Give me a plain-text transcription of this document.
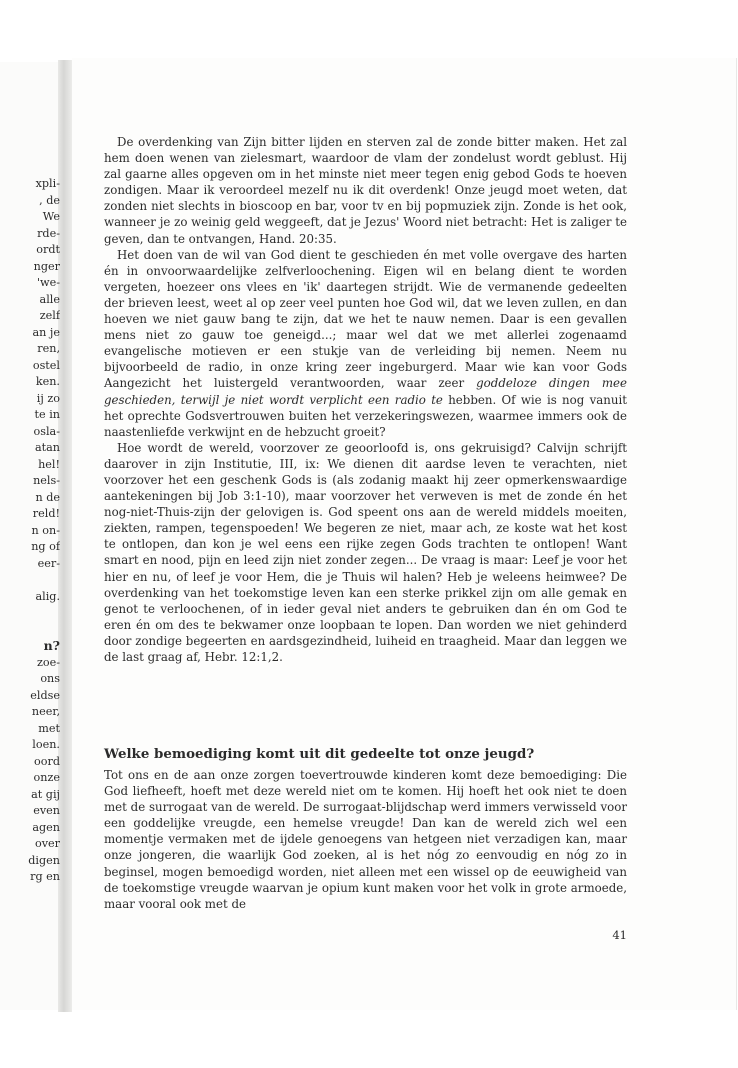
xpli-
, de
We
rde-
ordt
nger
'we-
alle
zelf
an je
ren,
ostel
ken.
ij zo
te in
osla-
atan
hel!
nels-
n de
reld!
n on-
ng of
eer-
alig.
n?
zoe-
ons
eldse
neer,
met
loen.
oord
onze
at gij
even
agen
over
digen
rg en

De overdenking van Zijn bitter lijden en sterven zal de zonde bitter maken. Het zal hem doen wenen van zielesmart, waardoor de vlam der zondelust wordt geblust. Hij zal gaarne alles opgeven om in het minste niet meer tegen enig gebod Gods te hoeven zondigen. Maar ik veroordeel mezelf nu ik dit overdenk! Onze jeugd moet weten, dat zonden niet slechts in bioscoop en bar, voor tv en bij popmuziek zijn. Zonde is het ook, wanneer je zo weinig geld weggeeft, dat je Jezus' Woord niet betracht: Het is zaliger te geven, dan te ontvangen, Hand. 20:35.

Het doen van de wil van God dient te geschieden én met volle overgave des harten én in onvoorwaardelijke zelfverloochening. Eigen wil en belang dient te worden vergeten, hoezeer ons vlees en 'ik' daartegen strijdt. Wie de vermanende gedeelten der brieven leest, weet al op zeer veel punten hoe God wil, dat we leven zullen, en dan hoeven we niet gauw bang te zijn, dat we het te nauw nemen. Daar is een gevallen mens niet zo gauw toe geneigd...; maar wel dat we met allerlei zogenaamd evangelische motieven er een stukje van de verleiding bij nemen. Neem nu bijvoorbeeld de radio, in onze kring zeer ingeburgerd. Maar wie kan voor Gods Aangezicht het luistergeld verantwoorden, waar zeer goddeloze dingen mee geschieden, terwijl je niet wordt verplicht een radio te hebben. Of wie is nog vanuit het oprechte Godsvertrouwen buiten het verzekeringswezen, waarmee immers ook de naastenliefde verkwijnt en de hebzucht groeit?

Hoe wordt de wereld, voorzover ze geoorloofd is, ons gekruisigd? Calvijn schrijft daarover in zijn Institutie, III, ix: We dienen dit aardse leven te verachten, niet voorzover het een geschenk Gods is (als zodanig maakt hij zeer opmerkenswaardige aantekeningen bij Job 3:1-10), maar voorzover het verweven is met de zonde én het nog-niet-Thuis-zijn der gelovigen is. God speent ons aan de wereld middels moeiten, ziekten, rampen, tegenspoeden! We begeren ze niet, maar ach, ze koste wat het kost te ontlopen, dan kon je wel eens een rijke zegen Gods trachten te ontlopen! Want smart en nood, pijn en leed zijn niet zonder zegen... De vraag is maar: Leef je voor het hier en nu, of leef je voor Hem, die je Thuis wil halen? Heb je weleens heimwee? De overdenking van het toekomstige leven kan een sterke prikkel zijn om alle gemak en genot te verloochenen, of in ieder geval niet anders te gebruiken dan én om God te eren én om des te bekwamer onze loopbaan te lopen. Dan worden we niet gehinderd door zondige begeerten en aardsgezindheid, luiheid en traagheid. Maar dan leggen we de last graag af, Hebr. 12:1,2.

Welke bemoediging komt uit dit gedeelte tot onze jeugd?

Tot ons en de aan onze zorgen toevertrouwde kinderen komt deze bemoediging: Die God liefheeft, hoeft met deze wereld niet om te komen. Hij hoeft het ook niet te doen met de surrogaat van de wereld. De surrogaat-blijdschap werd immers verwisseld voor een goddelijke vreugde, een hemelse vreugde! Dan kan de wereld zich wel een momentje vermaken met de ijdele genoegens van hetgeen niet verzadigen kan, maar onze jongeren, die waarlijk God zoeken, al is het nóg zo eenvoudig en nóg zo in beginsel, mogen bemoedigd worden, niet alleen met een wissel op de eeuwigheid van de toekomstige vreugde waarvan je opium kunt maken voor het volk in grote armoede, maar vooral ook met de

41
